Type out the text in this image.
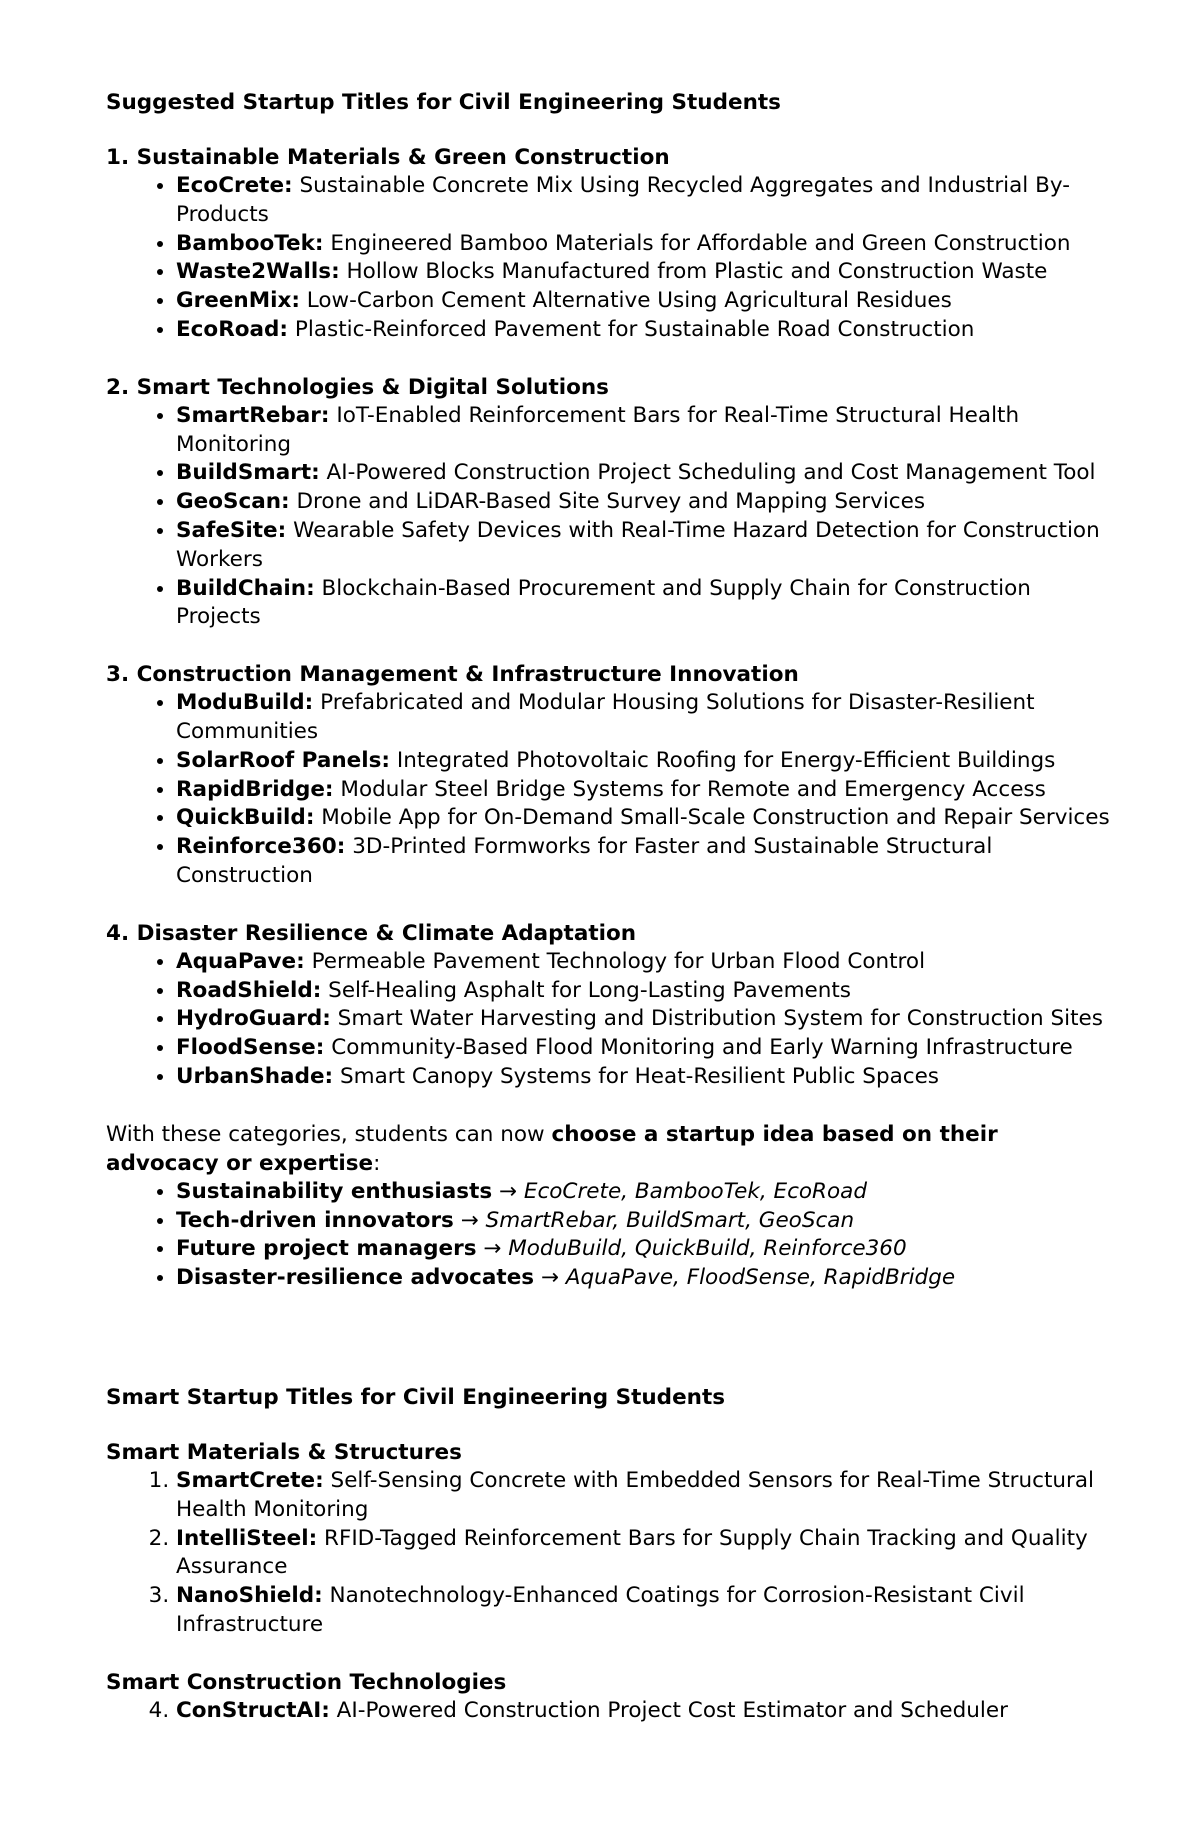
Suggested Startup Titles for Civil Engineering Students

1. Sustainable Materials & Green Construction

• EcoCrete: Sustainable Concrete Mix Using Recycled Aggregates and Industrial By-Products
• BambooTek: Engineered Bamboo Materials for Affordable and Green Construction
• Waste2Walls: Hollow Blocks Manufactured from Plastic and Construction Waste
• GreenMix: Low-Carbon Cement Alternative Using Agricultural Residues
• EcoRoad: Plastic-Reinforced Pavement for Sustainable Road Construction

2. Smart Technologies & Digital Solutions

• SmartRebar: IoT-Enabled Reinforcement Bars for Real-Time Structural Health Monitoring
• BuildSmart: AI-Powered Construction Project Scheduling and Cost Management Tool
• GeoScan: Drone and LiDAR-Based Site Survey and Mapping Services
• SafeSite: Wearable Safety Devices with Real-Time Hazard Detection for Construction Workers
• BuildChain: Blockchain-Based Procurement and Supply Chain for Construction Projects

3. Construction Management & Infrastructure Innovation

• ModuBuild: Prefabricated and Modular Housing Solutions for Disaster-Resilient Communities
• SolarRoof Panels: Integrated Photovoltaic Roofing for Energy-Efficient Buildings
• RapidBridge: Modular Steel Bridge Systems for Remote and Emergency Access
• QuickBuild: Mobile App for On-Demand Small-Scale Construction and Repair Services
• Reinforce360: 3D-Printed Formworks for Faster and Sustainable Structural Construction

4. Disaster Resilience & Climate Adaptation

• AquaPave: Permeable Pavement Technology for Urban Flood Control
• RoadShield: Self-Healing Asphalt for Long-Lasting Pavements
• HydroGuard: Smart Water Harvesting and Distribution System for Construction Sites
• FloodSense: Community-Based Flood Monitoring and Early Warning Infrastructure
• UrbanShade: Smart Canopy Systems for Heat-Resilient Public Spaces

With these categories, students can now choose a startup idea based on their advocacy or expertise:

• Sustainability enthusiasts → EcoCrete, BambooTek, EcoRoad
• Tech-driven innovators → SmartRebar, BuildSmart, GeoScan
• Future project managers → ModuBuild, QuickBuild, Reinforce360
• Disaster-resilience advocates → AquaPave, FloodSense, RapidBridge

Smart Startup Titles for Civil Engineering Students

Smart Materials & Structures

1. SmartCrete: Self-Sensing Concrete with Embedded Sensors for Real-Time Structural Health Monitoring
2. IntelliSteel: RFID-Tagged Reinforcement Bars for Supply Chain Tracking and Quality Assurance
3. NanoShield: Nanotechnology-Enhanced Coatings for Corrosion-Resistant Civil Infrastructure

Smart Construction Technologies

4. ConStructAI: AI-Powered Construction Project Cost Estimator and Scheduler
